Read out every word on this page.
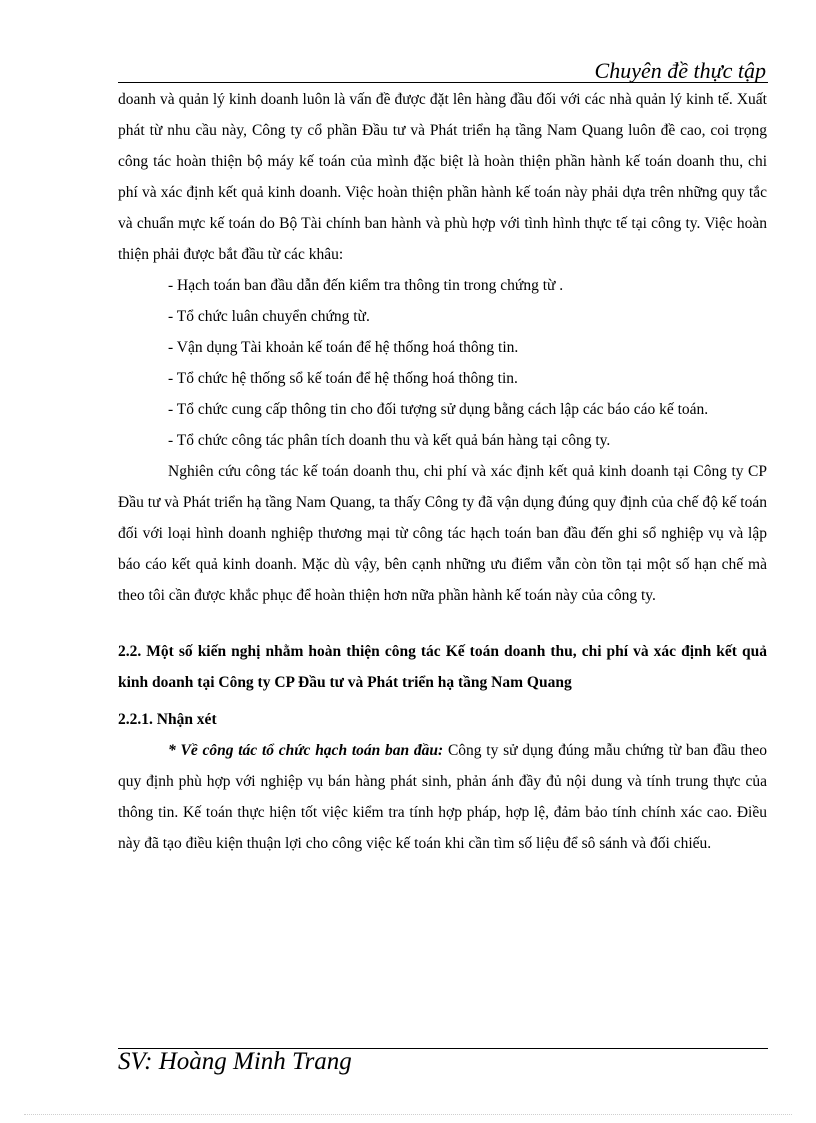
Chuyên đề thực tập

doanh và quản lý kinh doanh luôn là vấn đề được đặt lên hàng đầu đối với các nhà quản lý kinh tế. Xuất phát từ nhu cầu này, Công ty cổ phần Đầu tư và Phát triển hạ tầng Nam Quang luôn đề cao, coi trọng công tác hoàn thiện bộ máy kế toán của mình đặc biệt là hoàn thiện phần hành kế toán doanh thu, chi phí và xác định kết quả kinh doanh. Việc hoàn thiện phần hành kế toán này phải dựa trên những quy tắc và chuẩn mực kế toán do Bộ Tài chính ban hành và phù hợp với tình hình thực tế tại công ty. Việc hoàn thiện phải được bắt đầu từ các khâu:

- Hạch toán ban đầu dẫn đến kiểm tra thông tin trong chứng từ .

- Tổ chức luân chuyển chứng từ.

- Vận dụng Tài khoản kế toán để hệ thống hoá thông tin.

- Tổ chức hệ thống sổ kế toán để hệ thống hoá thông tin.

- Tổ chức cung cấp thông tin cho đối tượng sử dụng bằng cách lập các báo cáo kế toán.

- Tổ chức công tác phân tích doanh thu và kết quả bán hàng tại công ty.

Nghiên cứu công tác kế toán doanh thu, chi phí và xác định kết quả kinh doanh tại Công ty CP Đầu tư và Phát triển hạ tầng Nam Quang, ta thấy Công ty đã vận dụng đúng quy định của chế độ kế toán đối với loại hình doanh nghiệp thương mại từ công tác hạch toán ban đầu đến ghi sổ nghiệp vụ và lập báo cáo kết quả kinh doanh. Mặc dù vậy, bên cạnh những ưu điểm vẫn còn tồn tại một số hạn chế mà theo tôi cần được khắc phục để hoàn thiện hơn nữa phần hành kế toán này của công ty.

2.2. Một số kiến nghị nhằm hoàn thiện công tác Kế toán doanh thu, chi phí và xác định kết quả kinh doanh tại Công ty CP Đầu tư và Phát triển hạ tầng Nam Quang

2.2.1. Nhận xét

* Về công tác tổ chức hạch toán ban đầu: Công ty sử dụng đúng mẫu chứng từ ban đầu theo quy định phù hợp với nghiệp vụ bán hàng phát sinh, phản ánh đầy đủ nội dung và tính trung thực của thông tin. Kế toán thực hiện tốt việc kiểm tra tính hợp pháp, hợp lệ, đảm bảo tính chính xác cao. Điều này đã tạo điều kiện thuận lợi cho công việc kế toán khi cần tìm số liệu để sô sánh và đối chiếu.

SV: Hoàng Minh Trang
